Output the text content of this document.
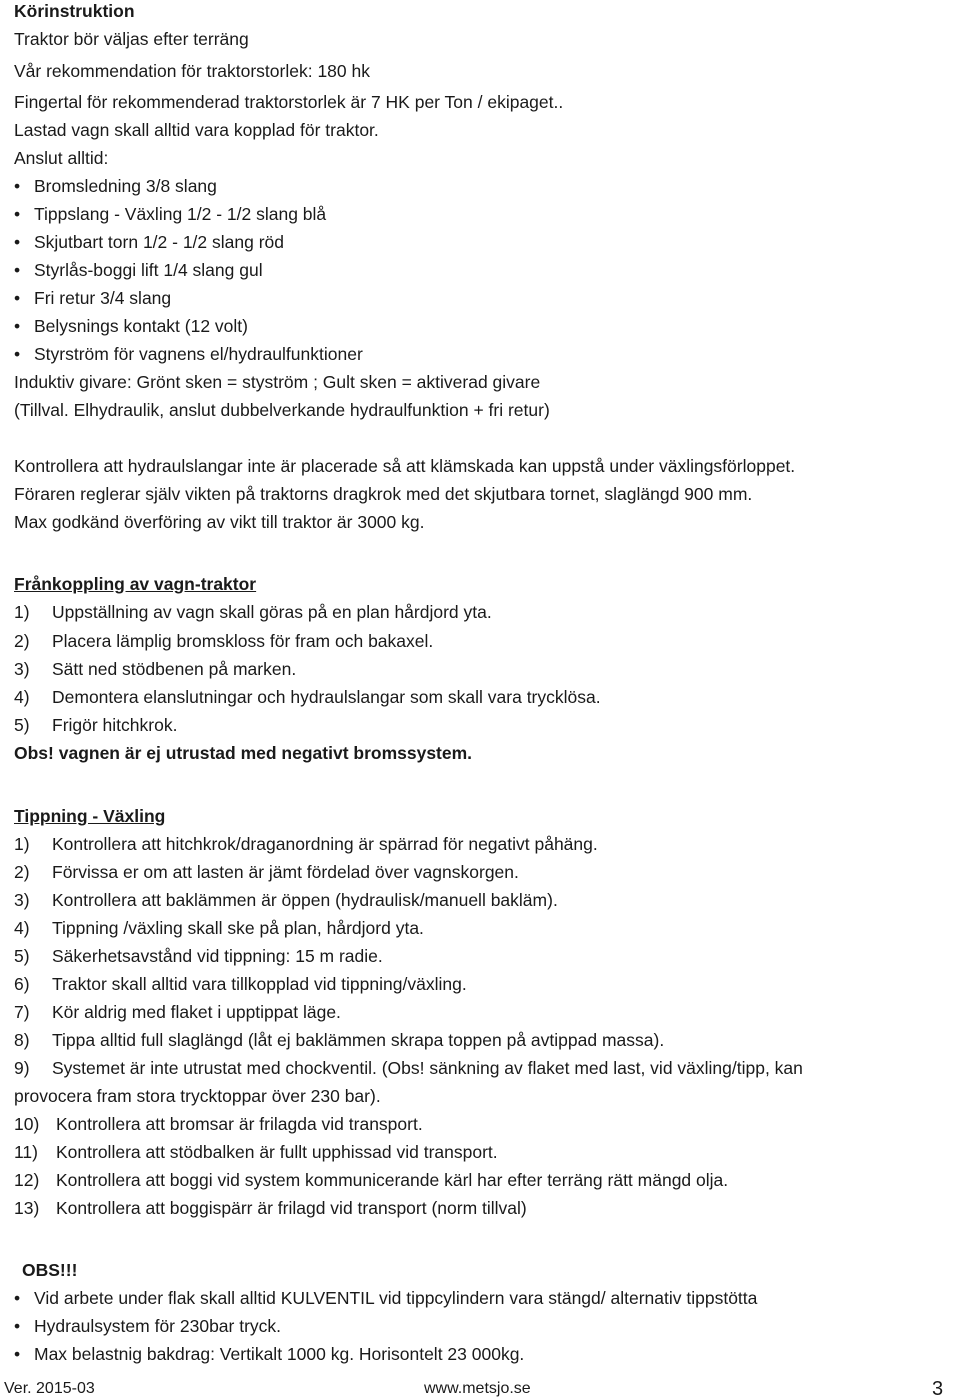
Körinstruktion
Traktor bör väljas efter terräng
Vår rekommendation för traktorstorlek: 180 hk
Fingertal för rekommenderad traktorstorlek är 7 HK per Ton / ekipaget..
Lastad vagn skall alltid vara kopplad för traktor.
Anslut alltid:
• Bromsledning 3/8 slang
• Tippslang - Växling 1/2 - 1/2 slang blå
• Skjutbart torn 1/2 - 1/2 slang röd
• Styrlås-boggi lift 1/4 slang gul
• Fri retur 3/4 slang
• Belysnings kontakt (12 volt)
• Styrström för vagnens el/hydraulfunktioner
Induktiv givare: Grönt sken = styström ; Gult sken = aktiverad givare
(Tillval. Elhydraulik, anslut dubbelverkande hydraulfunktion + fri retur)
Kontrollera att hydraulslangar inte är placerade så att klämskada kan uppstå under växlingsförloppet.
Föraren reglerar själv vikten på traktorns dragkrok med det skjutbara tornet, slaglängd 900 mm.
Max godkänd överföring av vikt till traktor är 3000 kg.
Frånkoppling av vagn-traktor
1) Uppställning av vagn skall göras på en plan hårdjord yta.
2) Placera lämplig bromskloss för fram och bakaxel.
3) Sätt ned stödbenen på marken.
4) Demontera elanslutningar och hydraulslangar som skall vara trycklösa.
5) Frigör hitchkrok.
Obs! vagnen är ej utrustad med negativt bromssystem.
Tippning - Växling
1) Kontrollera att hitchkrok/draganordning är spärrad för negativt påhäng.
2) Förvissa er om att lasten är jämt fördelad över vagnskorgen.
3) Kontrollera att baklämmen är öppen (hydraulisk/manuell bakläm).
4) Tippning /växling skall ske på plan, hårdjord yta.
5) Säkerhetsavstånd vid tippning: 15 m radie.
6) Traktor skall alltid vara tillkopplad vid tippning/växling.
7) Kör aldrig med flaket i upptippat läge.
8) Tippa alltid full slaglängd (låt ej baklämmen skrapa toppen på avtippad massa).
9) Systemet är inte utrustat med chockventil. (Obs! sänkning av flaket med last, vid växling/tipp, kan
provocera fram stora trycktoppar över 230 bar).
10) Kontrollera att bromsar är frilagda vid transport.
11) Kontrollera att stödbalken är fullt upphissad vid transport.
12) Kontrollera att boggi vid system kommunicerande kärl har efter terräng rätt mängd olja.
13) Kontrollera att boggispärr är frilagd vid transport (norm tillval)
OBS!!!
• Vid arbete under flak skall alltid KULVENTIL vid tippcylindern vara stängd/ alternativ tippstötta
• Hydraulsystem för 230bar tryck.
• Max belastnig bakdrag: Vertikalt 1000 kg. Horisontelt 23 000kg.
Ver. 2015-03	www.metsjo.se	3
